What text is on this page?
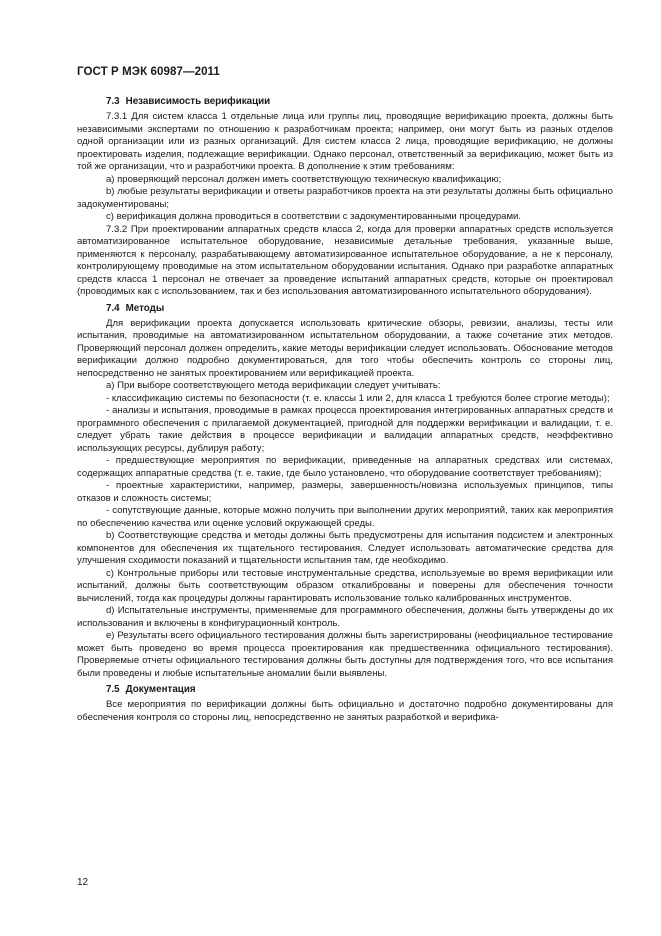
ГОСТ Р МЭК 60987—2011
7.3 Независимость верификации

7.3.1 Для систем класса 1 отдельные лица или группы лиц, проводящие верификацию проекта, должны быть независимыми экспертами по отношению к разработчикам проекта; например, они могут быть из разных отделов одной организации или из разных организаций. Для систем класса 2 лица, проводящие верификацию, не должны проектировать изделия, подлежащие верификации. Однако персонал, ответственный за верификацию, может быть из той же организации, что и разработчики проекта. В дополнение к этим требованиям:

a) проверяющий персонал должен иметь соответствующую техническую квалификацию;

b) любые результаты верификации и ответы разработчиков проекта на эти результаты должны быть официально задокументированы;

c) верификация должна проводиться в соответствии с задокументированными процедурами.

7.3.2 При проектировании аппаратных средств класса 2, когда для проверки аппаратных средств используется автоматизированное испытательное оборудование, независимые детальные требования, указанные выше, применяются к персоналу, разрабатывающему автоматизированное испытательное оборудование, а не к персоналу, контролирующему проводимые на этом испытательном оборудовании испытания. Однако при разработке аппаратных средств класса 1 персонал не отвечает за проведение испытаний аппаратных средств, которые он проектировал (проводимых как с использованием, так и без использования автоматизированного испытательного оборудования).

7.4 Методы

Для верификации проекта допускается использовать критические обзоры, ревизии, анализы, тесты или испытания, проводимые на автоматизированном испытательном оборудовании, а также сочетание этих методов. Проверяющий персонал должен определить, какие методы верификации следует использовать. Обоснование методов верификации должно подробно документироваться, для того чтобы обеспечить контроль со стороны лиц, непосредственно не занятых проектированием или верификацией проекта.

a) При выборе соответствующего метода верификации следует учитывать:

- классификацию системы по безопасности (т. е. классы 1 или 2, для класса 1 требуются более строгие методы);

- анализы и испытания, проводимые в рамках процесса проектирования интегрированных аппаратных средств и программного обеспечения с прилагаемой документацией, пригодной для поддержки верификации и валидации, т. е. следует убрать такие действия в процессе верификации и валидации аппаратных средств, неэффективно использующих ресурсы, дублируя работу;

- предшествующие мероприятия по верификации, приведенные на аппаратных средствах или системах, содержащих аппаратные средства (т. е. такие, где было установлено, что оборудование соответствует требованиям);

- проектные характеристики, например, размеры, завершенность/новизна используемых принципов, типы отказов и сложность системы;

- сопутствующие данные, которые можно получить при выполнении других мероприятий, таких как мероприятия по обеспечению качества или оценке условий окружающей среды.

b) Соответствующие средства и методы должны быть предусмотрены для испытания подсистем и электронных компонентов для обеспечения их тщательного тестирования. Следует использовать автоматические средства для улучшения сходимости показаний и тщательности испытания там, где необходимо.

c) Контрольные приборы или тестовые инструментальные средства, используемые во время верификации или испытаний, должны быть соответствующим образом откалиброваны и поверены для обеспечения точности вычислений, тогда как процедуры должны гарантировать использование только калиброванных инструментов.

d) Испытательные инструменты, применяемые для программного обеспечения, должны быть утверждены до их использования и включены в конфигурационный контроль.

e) Результаты всего официального тестирования должны быть зарегистрированы (неофициальное тестирование может быть проведено во время процесса проектирования как предшественника официального тестирования). Проверяемые отчеты официального тестирования должны быть доступны для подтверждения того, что все испытания были проведены и любые испытательные аномалии были выявлены.

7.5 Документация

Все мероприятия по верификации должны быть официально и достаточно подробно документированы для обеспечения контроля со стороны лиц, непосредственно не занятых разработкой и верифика-

12
